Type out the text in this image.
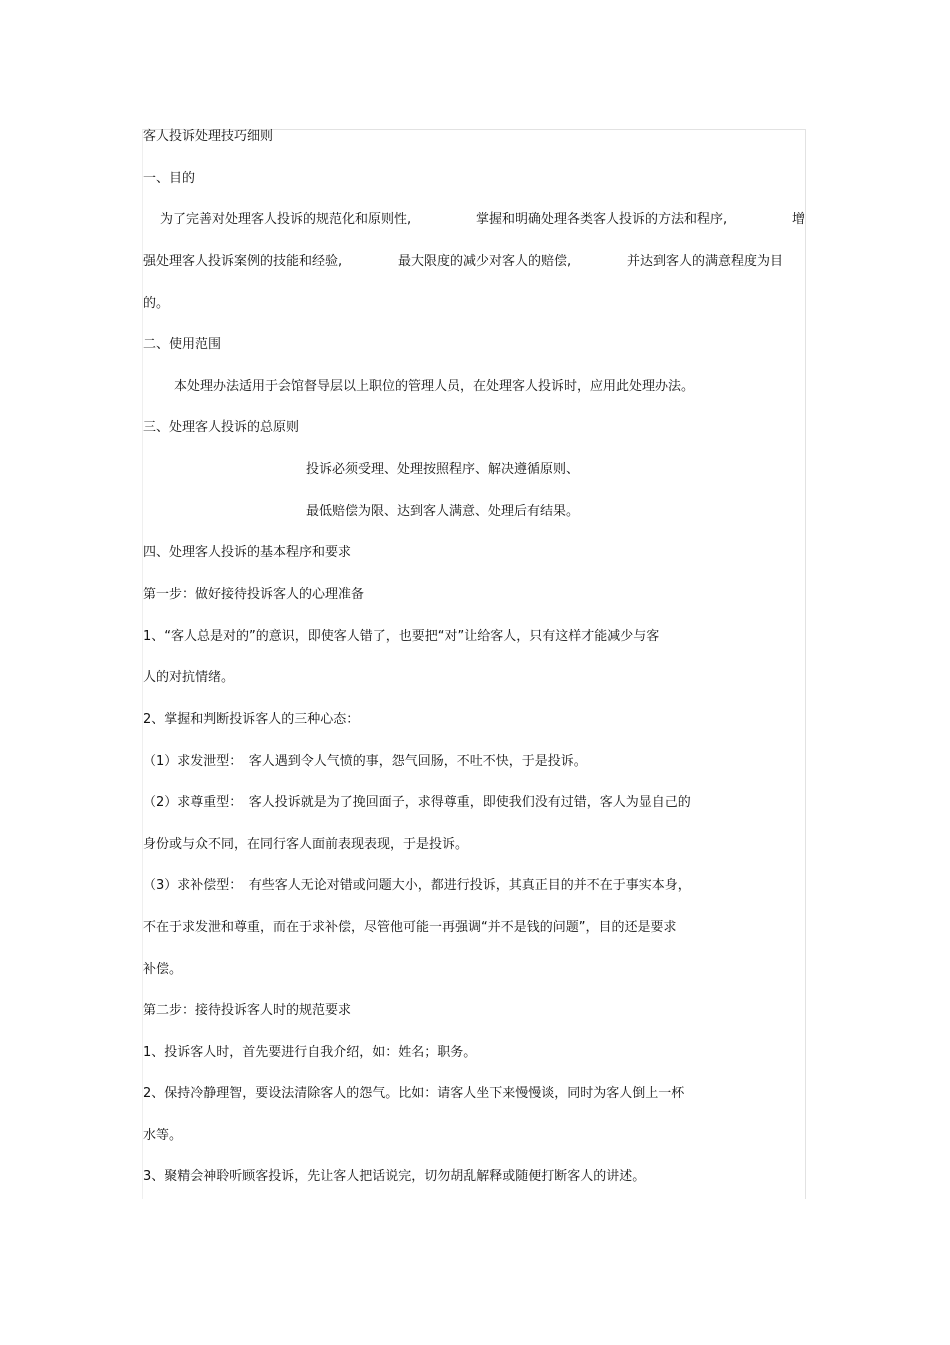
客人投诉处理技巧细则
一、目的
为了完善对处理客人投诉的规范化和原则性,	掌握和明确处理各类客人投诉的方法和程序,	增
强处理客人投诉案例的技能和经验,	最大限度的减少对客人的赔偿,	并达到客人的满意程度为目
的。
二、使用范围
本处理办法适用于会馆督导层以上职位的管理人员，在处理客人投诉时，应用此处理办法。
三、处理客人投诉的总原则
投诉必须受理、处理按照程序、解决遵循原则、
最低赔偿为限、达到客人满意、处理后有结果。
四、处理客人投诉的基本程序和要求
第一步：做好接待投诉客人的心理准备
1、“客人总是对的”的意识，即使客人错了，也要把“对”让给客人，只有这样才能减少与客
人的对抗情绪。
2、掌握和判断投诉客人的三种心态：
（1）求发泄型：　客人遇到令人气愤的事，怨气回肠，不吐不快，于是投诉。
（2）求尊重型：　客人投诉就是为了挽回面子，求得尊重，即使我们没有过错，客人为显自己的
身份或与众不同，在同行客人面前表现表现，于是投诉。
（3）求补偿型：　有些客人无论对错或问题大小，都进行投诉，其真正目的并不在于事实本身，
不在于求发泄和尊重，而在于求补偿，尽管他可能一再强调“并不是钱的问题”，目的还是要求
补偿。
第二步：接待投诉客人时的规范要求
1、投诉客人时，首先要进行自我介绍，如：姓名；职务。
2、保持冷静理智，要设法清除客人的怨气。比如：请客人坐下来慢慢谈，同时为客人倒上一杯
水等。
3、聚精会神聆听顾客投诉，先让客人把话说完，切勿胡乱解释或随便打断客人的讲述。
